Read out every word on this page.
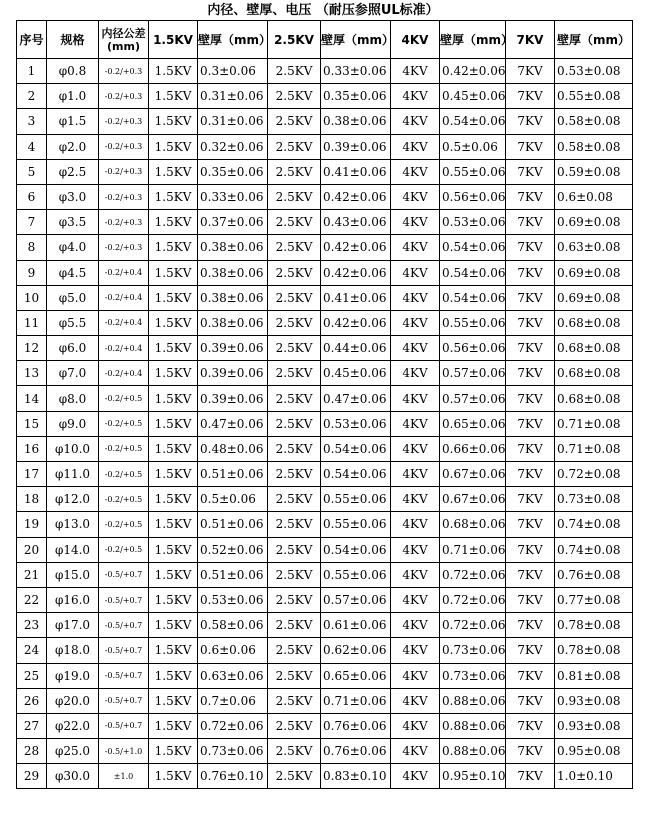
内径、壁厚、电压 （耐压参照UL标准）
序号	规格	内径公差(mm)	1.5KV	壁厚（mm）	2.5KV	壁厚（mm）	4KV	壁厚（mm）	7KV	壁厚（mm）
1	φ0.8	-0.2/+0.3	1.5KV	0.3±0.06	2.5KV	0.33±0.06	4KV	0.42±0.06	7KV	0.53±0.08
2	φ1.0	-0.2/+0.3	1.5KV	0.31±0.06	2.5KV	0.35±0.06	4KV	0.45±0.06	7KV	0.55±0.08
3	φ1.5	-0.2/+0.3	1.5KV	0.31±0.06	2.5KV	0.38±0.06	4KV	0.54±0.06	7KV	0.58±0.08
4	φ2.0	-0.2/+0.3	1.5KV	0.32±0.06	2.5KV	0.39±0.06	4KV	0.5±0.06	7KV	0.58±0.08
5	φ2.5	-0.2/+0.3	1.5KV	0.35±0.06	2.5KV	0.41±0.06	4KV	0.55±0.06	7KV	0.59±0.08
6	φ3.0	-0.2/+0.3	1.5KV	0.33±0.06	2.5KV	0.42±0.06	4KV	0.56±0.06	7KV	0.6±0.08
7	φ3.5	-0.2/+0.3	1.5KV	0.37±0.06	2.5KV	0.43±0.06	4KV	0.53±0.06	7KV	0.69±0.08
8	φ4.0	-0.2/+0.3	1.5KV	0.38±0.06	2.5KV	0.42±0.06	4KV	0.54±0.06	7KV	0.63±0.08
9	φ4.5	-0.2/+0.4	1.5KV	0.38±0.06	2.5KV	0.42±0.06	4KV	0.54±0.06	7KV	0.69±0.08
10	φ5.0	-0.2/+0.4	1.5KV	0.38±0.06	2.5KV	0.41±0.06	4KV	0.54±0.06	7KV	0.69±0.08
11	φ5.5	-0.2/+0.4	1.5KV	0.38±0.06	2.5KV	0.42±0.06	4KV	0.55±0.06	7KV	0.68±0.08
12	φ6.0	-0.2/+0.4	1.5KV	0.39±0.06	2.5KV	0.44±0.06	4KV	0.56±0.06	7KV	0.68±0.08
13	φ7.0	-0.2/+0.4	1.5KV	0.39±0.06	2.5KV	0.45±0.06	4KV	0.57±0.06	7KV	0.68±0.08
14	φ8.0	-0.2/+0.5	1.5KV	0.39±0.06	2.5KV	0.47±0.06	4KV	0.57±0.06	7KV	0.68±0.08
15	φ9.0	-0.2/+0.5	1.5KV	0.47±0.06	2.5KV	0.53±0.06	4KV	0.65±0.06	7KV	0.71±0.08
16	φ10.0	-0.2/+0.5	1.5KV	0.48±0.06	2.5KV	0.54±0.06	4KV	0.66±0.06	7KV	0.71±0.08
17	φ11.0	-0.2/+0.5	1.5KV	0.51±0.06	2.5KV	0.54±0.06	4KV	0.67±0.06	7KV	0.72±0.08
18	φ12.0	-0.2/+0.5	1.5KV	0.5±0.06	2.5KV	0.55±0.06	4KV	0.67±0.06	7KV	0.73±0.08
19	φ13.0	-0.2/+0.5	1.5KV	0.51±0.06	2.5KV	0.55±0.06	4KV	0.68±0.06	7KV	0.74±0.08
20	φ14.0	-0.2/+0.5	1.5KV	0.52±0.06	2.5KV	0.54±0.06	4KV	0.71±0.06	7KV	0.74±0.08
21	φ15.0	-0.5/+0.7	1.5KV	0.51±0.06	2.5KV	0.55±0.06	4KV	0.72±0.06	7KV	0.76±0.08
22	φ16.0	-0.5/+0.7	1.5KV	0.53±0.06	2.5KV	0.57±0.06	4KV	0.72±0.06	7KV	0.77±0.08
23	φ17.0	-0.5/+0.7	1.5KV	0.58±0.06	2.5KV	0.61±0.06	4KV	0.72±0.06	7KV	0.78±0.08
24	φ18.0	-0.5/+0.7	1.5KV	0.6±0.06	2.5KV	0.62±0.06	4KV	0.73±0.06	7KV	0.78±0.08
25	φ19.0	-0.5/+0.7	1.5KV	0.63±0.06	2.5KV	0.65±0.06	4KV	0.73±0.06	7KV	0.81±0.08
26	φ20.0	-0.5/+0.7	1.5KV	0.7±0.06	2.5KV	0.71±0.06	4KV	0.88±0.06	7KV	0.93±0.08
27	φ22.0	-0.5/+0.7	1.5KV	0.72±0.06	2.5KV	0.76±0.06	4KV	0.88±0.06	7KV	0.93±0.08
28	φ25.0	-0.5/+1.0	1.5KV	0.73±0.06	2.5KV	0.76±0.06	4KV	0.88±0.06	7KV	0.95±0.08
29	φ30.0	±1.0	1.5KV	0.76±0.10	2.5KV	0.83±0.10	4KV	0.95±0.10	7KV	1.0±0.10
